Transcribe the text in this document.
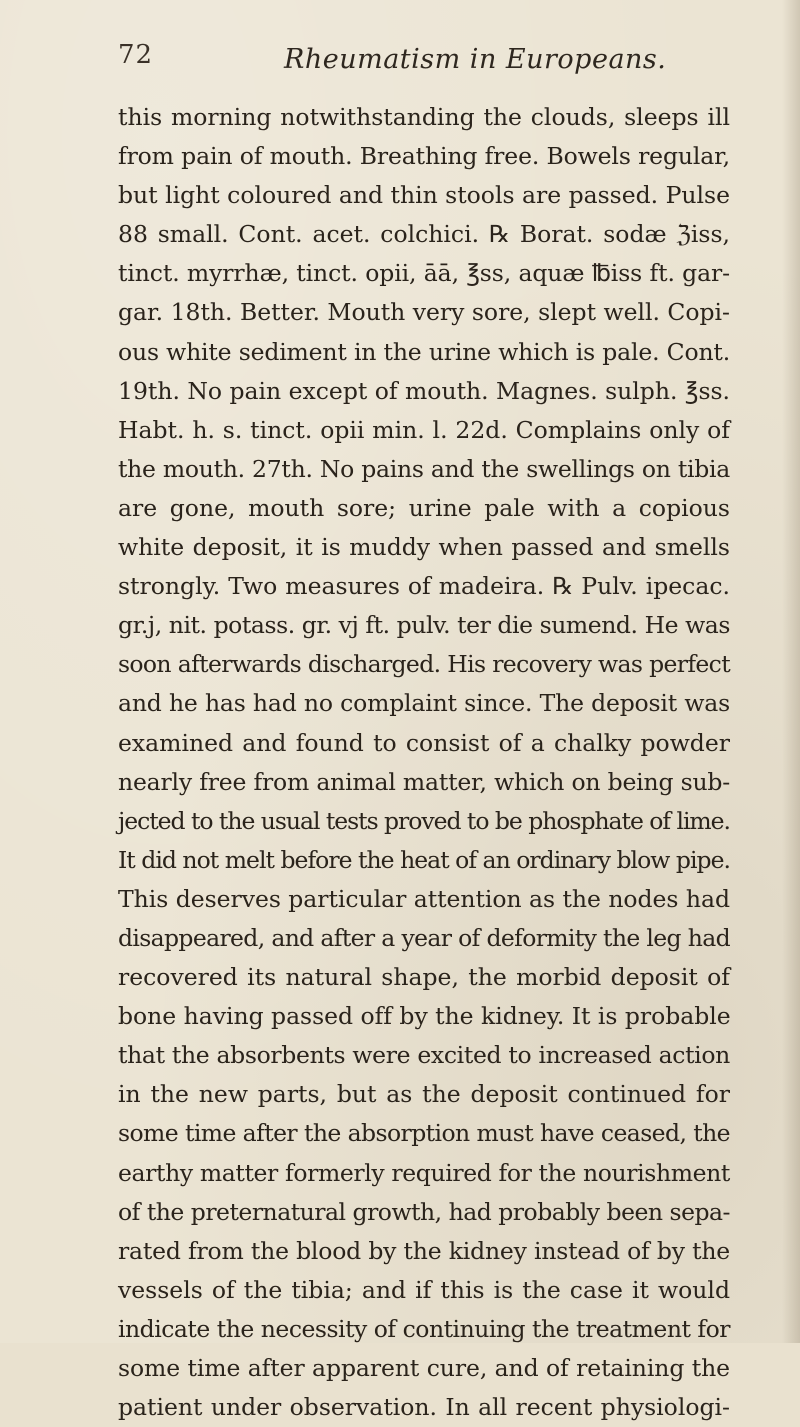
72	Rheumatism in Europeans.
this morning notwithstanding the clouds, sleeps ill
from pain of mouth. Breathing free. Bowels regular,
but light coloured and thin stools are passed. Pulse
88 small. Cont. acet. colchici. ℞ Borat. sodæ ℨiss,
tinct. myrrhæ, tinct. opii, āā, ℥ss, aquæ ℔iss ft. gar-
gar. 18th. Better. Mouth very sore, slept well. Copi-
ous white sediment in the urine which is pale. Cont.
19th. No pain except of mouth. Magnes. sulph. ℥ss.
Habt. h. s. tinct. opii min. l. 22d. Complains only of
the mouth. 27th. No pains and the swellings on tibia
are gone, mouth sore; urine pale with a copious
white deposit, it is muddy when passed and smells
strongly. Two measures of madeira. ℞ Pulv. ipecac.
gr.j, nit. potass. gr. vj ft. pulv. ter die sumend. He was
soon afterwards discharged. His recovery was perfect
and he has had no complaint since. The deposit was
examined and found to consist of a chalky powder
nearly free from animal matter, which on being sub-
jected to the usual tests proved to be phosphate of lime.
It did not melt before the heat of an ordinary blow pipe.
This deserves particular attention as the nodes had
disappeared, and after a year of deformity the leg had
recovered its natural shape, the morbid deposit of
bone having passed off by the kidney. It is probable
that the absorbents were excited to increased action
in the new parts, but as the deposit continued for
some time after the absorption must have ceased, the
earthy matter formerly required for the nourishment
of the preternatural growth, had probably been sepa-
rated from the blood by the kidney instead of by the
vessels of the tibia; and if this is the case it would
indicate the necessity of continuing the treatment for
some time after apparent cure, and of retaining the
patient under observation. In all recent physiologi-
